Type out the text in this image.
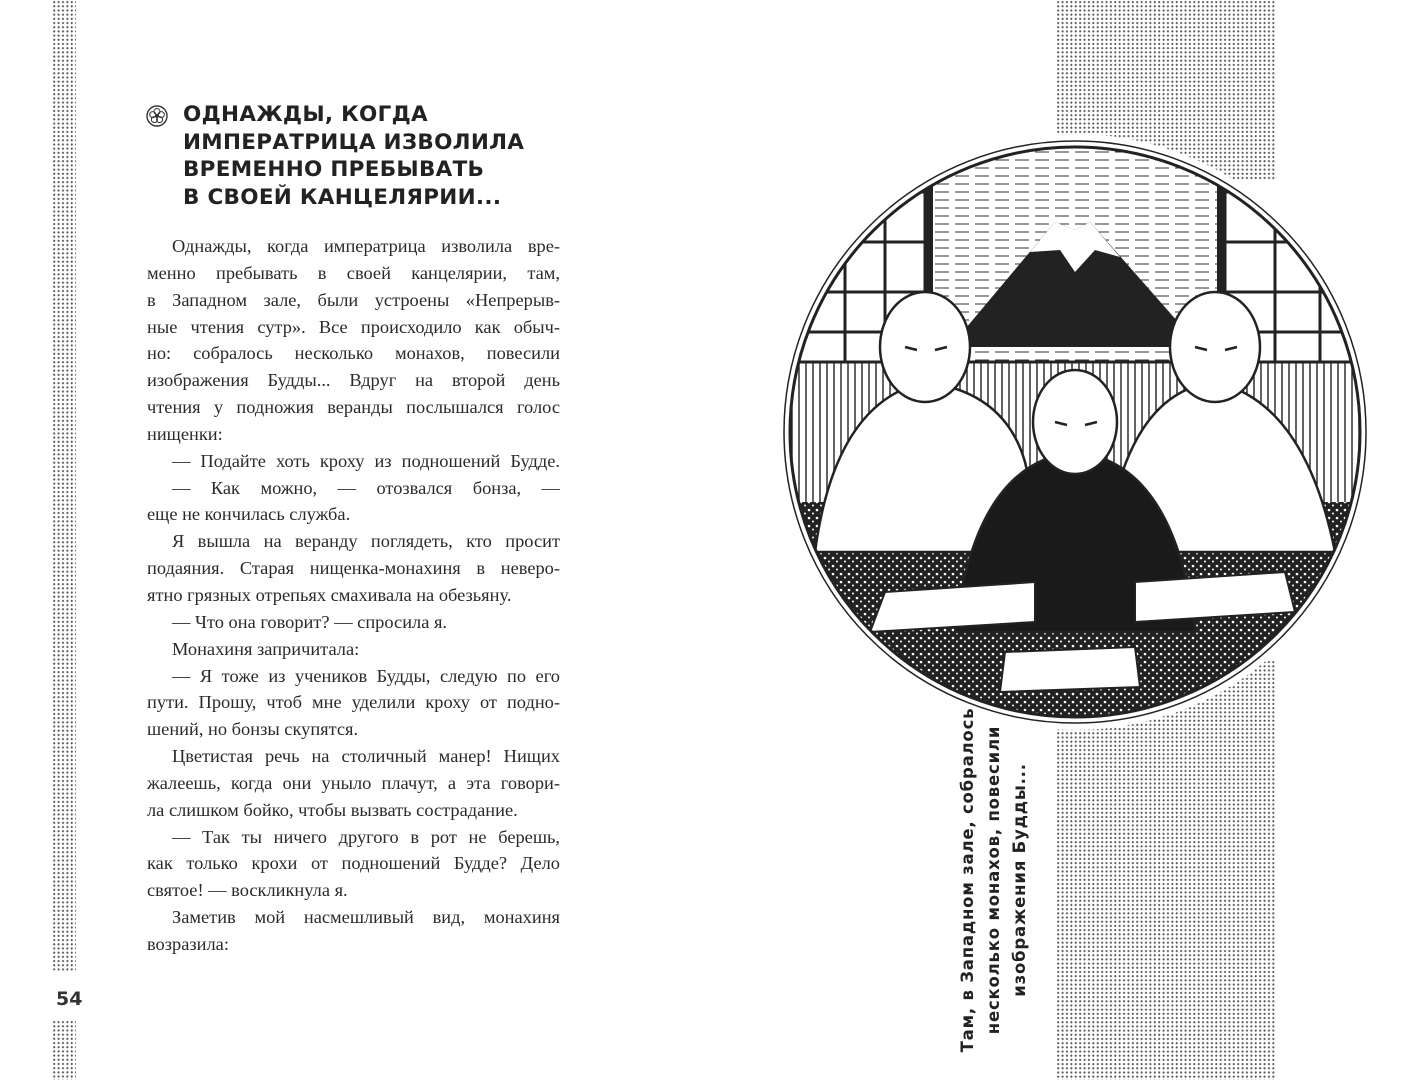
54
ОДНАЖДЫ, КОГДА
ИМПЕРАТРИЦА ИЗВОЛИЛА
ВРЕМЕННО ПРЕБЫВАТЬ
В СВОЕЙ КАНЦЕЛЯРИИ...
Однажды, когда императрица изволила вре-
менно пребывать в своей канцелярии, там,
в Западном зале, были устроены «Непрерыв-
ные чтения сутр». Все происходило как обыч-
но: собралось несколько монахов, повесили
изображения Будды... Вдруг на второй день
чтения у подножия веранды послышался голос
нищенки:
— Подайте хоть кроху из подношений Будде.
— Как можно, — отозвался бонза, —
еще не кончилась служба.
Я вышла на веранду поглядеть, кто просит
подаяния. Старая нищенка-монахиня в неверо-
ятно грязных отрепьях смахивала на обезьяну.
— Что она говорит? — спросила я.
Монахиня запричитала:
— Я тоже из учеников Будды, следую по его
пути. Прошу, чтоб мне уделили кроху от подно-
шений, но бонзы скупятся.
Цветистая речь на столичный манер! Нищих
жалеешь, когда они уныло плачут, а эта говори-
ла слишком бойко, чтобы вызвать сострадание.
— Так ты ничего другого в рот не берешь,
как только крохи от подношений Будде? Дело
святое! — воскликнула я.
Заметив мой насмешливый вид, монахиня
возразила:	Там, в Западном зале, собралось несколько монахов, повесили изображения Будды...
